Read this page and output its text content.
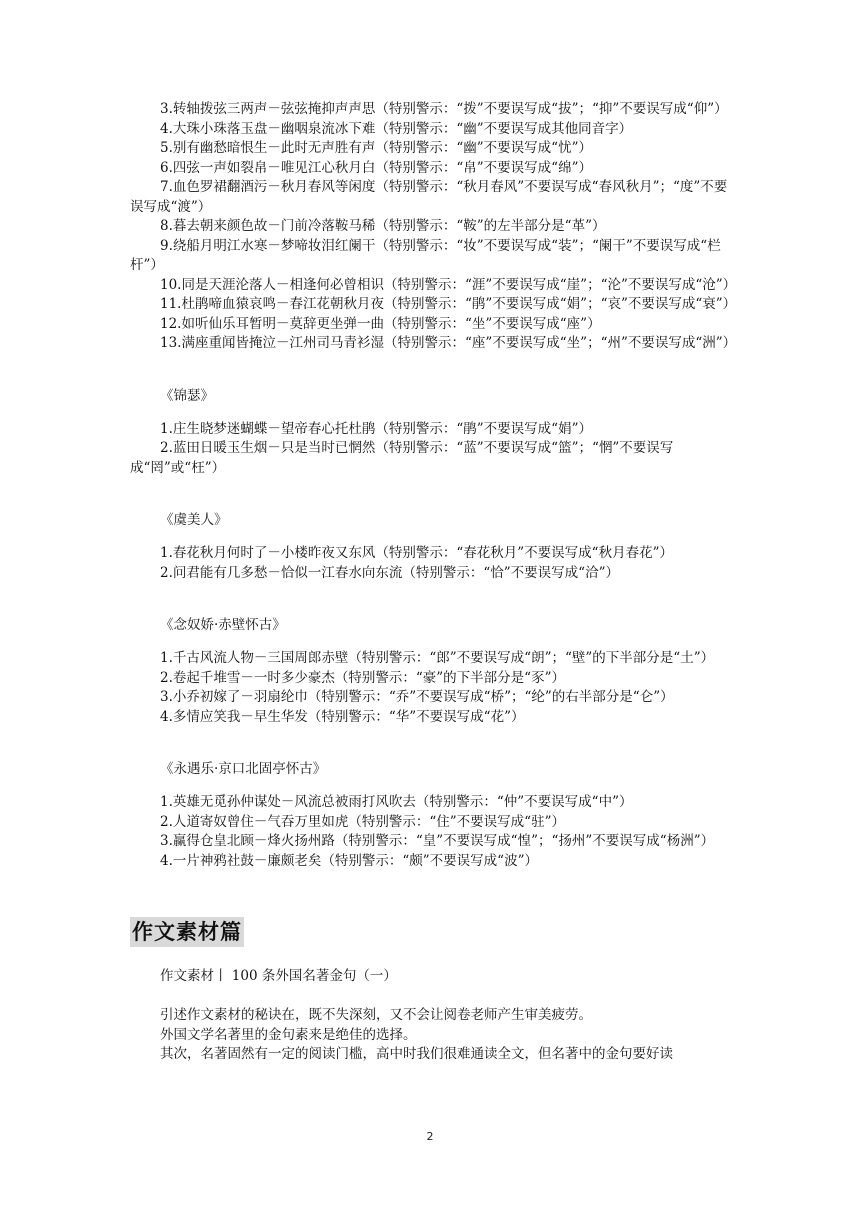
3.转轴拨弦三两声－弦弦掩抑声声思（特别警示：“拨”不要误写成“拔”；“抑”不要误写成“仰”）

4.大珠小珠落玉盘－幽咽泉流冰下难（特别警示：“幽”不要误写成其他同音字）

5.别有幽愁暗恨生－此时无声胜有声（特别警示：“幽”不要误写成“忧”）

6.四弦一声如裂帛－唯见江心秋月白（特别警示：“帛”不要误写成“绵”）

7.血色罗裙翻酒污－秋月春风等闲度（特别警示：“秋月春风”不要误写成“春风秋月”；“度”不要误写成“渡”）

8.暮去朝来颜色故－门前冷落鞍马稀（特别警示：“鞍”的左半部分是“革”）

9.绕船月明江水寒－梦啼妆泪红阑干（特别警示：“妆”不要误写成“装”；“阑干”不要误写成“栏杆”）

10.同是天涯沦落人－相逢何必曾相识（特别警示：“涯”不要误写成“崖”；“沦”不要误写成“沧”）

11.杜鹃啼血猿哀鸣－春江花朝秋月夜（特别警示：“鹃”不要误写成“娟”；“哀”不要误写成“衰”）

12.如听仙乐耳暂明－莫辞更坐弹一曲（特别警示：“坐”不要误写成“座”）

13.满座重闻皆掩泣－江州司马青衫湿（特别警示：“座”不要误写成“坐”；“州”不要误写成“洲”）

《锦瑟》

1.庄生晓梦迷蝴蝶－望帝春心托杜鹃（特别警示：“鹃”不要误写成“娟”）

2.蓝田日暖玉生烟－只是当时已惘然（特别警示：“蓝”不要误写成“篮”；“惘”不要误写成“罔”或“枉”）

《虞美人》

1.春花秋月何时了－小楼昨夜又东风（特别警示：“春花秋月”不要误写成“秋月春花”）

2.问君能有几多愁－恰似一江春水向东流（特别警示：“恰”不要误写成“洽”）

《念奴娇·赤壁怀古》

1.千古风流人物－三国周郎赤壁（特别警示：“郎”不要误写成“朗”；“壁”的下半部分是“土”）

2.卷起千堆雪－一时多少豪杰（特别警示：“豪”的下半部分是“豕”）

3.小乔初嫁了－羽扇纶巾（特别警示：“乔”不要误写成“桥”；“纶”的右半部分是“仑”）

4.多情应笑我－早生华发（特别警示：“华”不要误写成“花”）

《永遇乐·京口北固亭怀古》

1.英雄无觅孙仲谋处－风流总被雨打风吹去（特别警示：“仲”不要误写成“中”）

2.人道寄奴曾住－气吞万里如虎（特别警示：“住”不要误写成“驻”）

3.赢得仓皇北顾－烽火扬州路（特别警示：“皇”不要误写成“惶”；“扬州”不要误写成“杨洲”）

4.一片神鸦社鼓－廉颇老矣（特别警示：“颇”不要误写成“波”）

作文素材篇

作文素材丨 100 条外国名著金句（一）

引述作文素材的秘诀在，既不失深刻，又不会让阅卷老师产生审美疲劳。

外国文学名著里的金句素来是绝佳的选择。

其次，名著固然有一定的阅读门槛，高中时我们很难通读全文，但名著中的金句要好读

2
